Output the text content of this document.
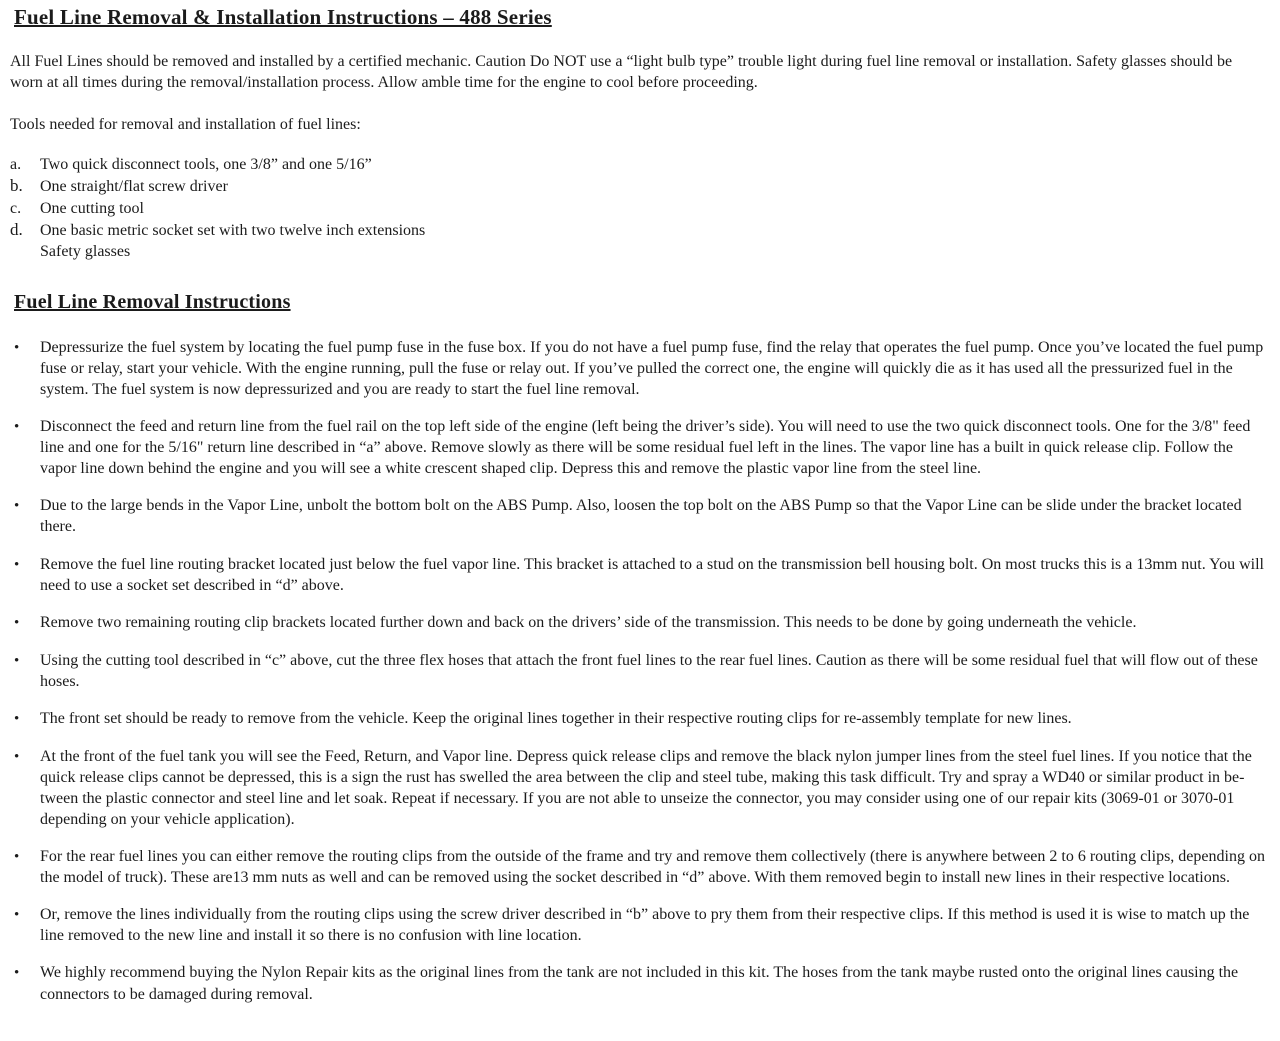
Fuel Line Removal & Installation Instructions – 488 Series

All Fuel Lines should be removed and installed by a certified mechanic. Caution Do NOT use a “light bulb type” trouble light during fuel line removal or installation. Safety glasses should be worn at all times during the removal/installation process. Allow amble time for the engine to cool before proceeding.

Tools needed for removal and installation of fuel lines:

a.	Two quick disconnect tools, one 3/8” and one 5/16”
b.	One straight/flat screw driver
c.	One cutting tool
d.	One basic metric socket set with two twelve inch extensions
Safety glasses
Fuel Line Removal Instructions
•	Depressurize the fuel system by locating the fuel pump fuse in the fuse box. If you do not have a fuel pump fuse, find the relay that operates the fuel pump. Once you’ve located the fuel pump fuse or relay, start your vehicle. With the engine running, pull the fuse or relay out. If you’ve pulled the correct one, the engine will quickly die as it has used all the pressurized fuel in the system. The fuel system is now depressurized and you are ready to start the fuel line removal.
•	Disconnect the feed and return line from the fuel rail on the top left side of the engine (left being the driver’s side). You will need to use the two quick disconnect tools. One for the 3/8" feed line and one for the 5/16" return line described in “a” above. Remove slowly as there will be some residual fuel left in the lines. The vapor line has a built in quick release clip. Follow the vapor line down behind the engine and you will see a white crescent shaped clip. Depress this and remove the plastic vapor line from the steel line.
•	Due to the large bends in the Vapor Line, unbolt the bottom bolt on the ABS Pump. Also, loosen the top bolt on the ABS Pump so that the Vapor Line can be slide under the bracket located there.
•	Remove the fuel line routing bracket located just below the fuel vapor line. This bracket is attached to a stud on the transmission bell housing bolt. On most trucks this is a 13mm nut. You will need to use a socket set described in “d” above.
•	Remove two remaining routing clip brackets located further down and back on the drivers’ side of the transmission. This needs to be done by going underneath the vehicle.
•	Using the cutting tool described in “c” above, cut the three flex hoses that attach the front fuel lines to the rear fuel lines. Caution as there will be some residual fuel that will flow out of these hoses.
•	The front set should be ready to remove from the vehicle. Keep the original lines together in their respective routing clips for re-assembly template for new lines.
•	At the front of the fuel tank you will see the Feed, Return, and Vapor line. Depress quick release clips and remove the black nylon jumper lines from the steel fuel lines. If you notice that the quick release clips cannot be depressed, this is a sign the rust has swelled the area between the clip and steel tube, making this task difficult. Try and spray a WD40 or similar product in be-tween the plastic connector and steel line and let soak. Repeat if necessary. If you are not able to unseize the connector, you may consider using one of our repair kits (3069-01 or 3070-01 depending on your vehicle application).
•	For the rear fuel lines you can either remove the routing clips from the outside of the frame and try and remove them collectively (there is anywhere between 2 to 6 routing clips, depending on the model of truck). These are13 mm nuts as well and can be removed using the socket described in “d” above. With them removed begin to install new lines in their respective locations.
•	Or, remove the lines individually from the routing clips using the screw driver described in “b” above to pry them from their respective clips. If this method is used it is wise to match up the line removed to the new line and install it so there is no confusion with line location.
•	We highly recommend buying the Nylon Repair kits as the original lines from the tank are not included in this kit. The hoses from the tank maybe rusted onto the original lines causing the connectors to be damaged during removal.
